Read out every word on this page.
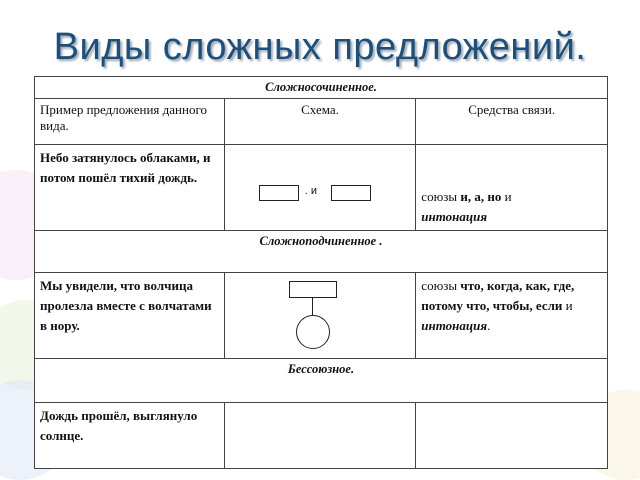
Виды сложных предложений.
Сложносочиненное.		
Пример предложения данного вида.	Схема.	Средства связи.
Небо затянулось облаками, и потом пошёл тихий дождь.	. и	союзы и, а, но и
интонация
Сложноподчиненное .		
Мы увидели, что волчица пролезла вместе с волчатами в нору.		союзы что, когда, как, где, потому что, чтобы, если и интонация.
Бессоюзное.		
Дождь прошёл, выглянуло солнце.		
